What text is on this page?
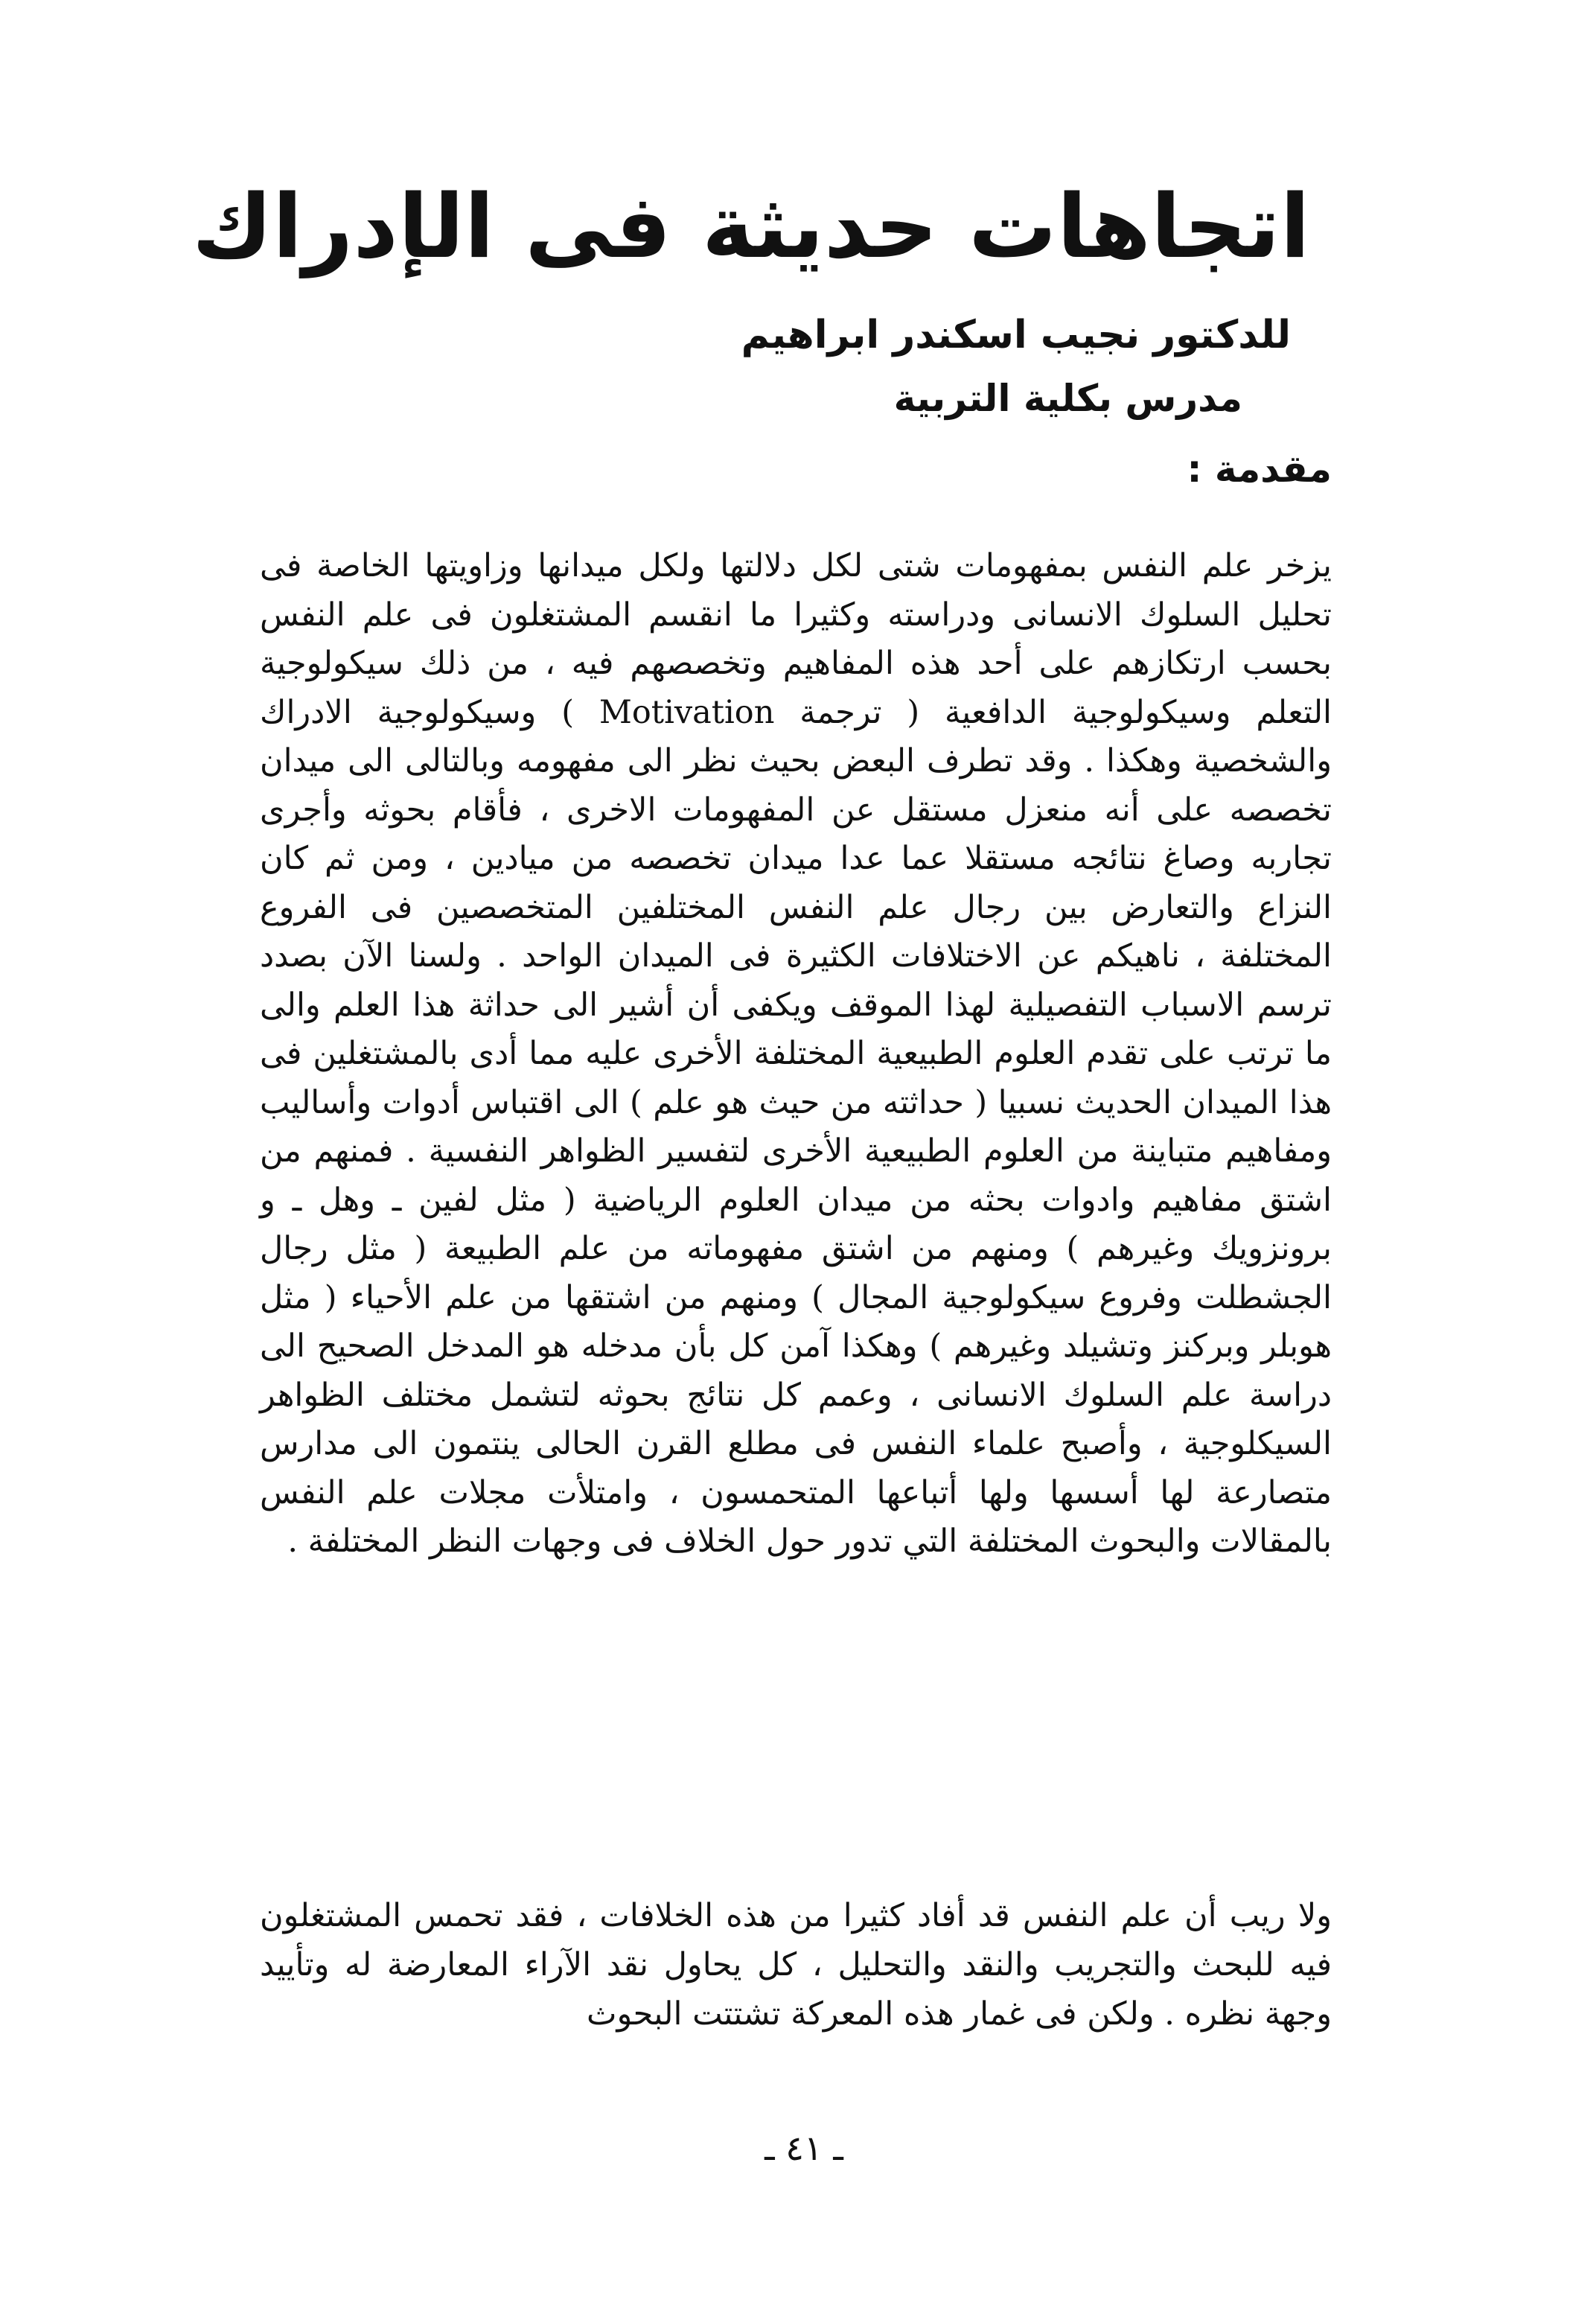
اتجاهات حديثة فى الإدراك
للدكتور نجيب اسكندر ابراهيم
مدرس بكلية التربية
مقدمة :

يزخر علم النفس بمفهومات شتى لكل دلالتها ولكل ميدانها وزاويتها الخاصة فى تحليل السلوك الانسانى ودراسته وكثيرا ما انقسم المشتغلون فى علم النفس بحسب ارتكازهم على أحد هذه المفاهيم وتخصصهم فيه ، من ذلك سيكولوجية التعلم وسيكولوجية الدافعية ( ترجمة Motivation ) وسيكولوجية الادراك والشخصية وهكذا . وقد تطرف البعض بحيث نظر الى مفهومه وبالتالى الى ميدان تخصصه على أنه منعزل مستقل عن المفهومات الاخرى ، فأقام بحوثه وأجرى تجاربه وصاغ نتائجه مستقلا عما عدا ميدان تخصصه من ميادين ، ومن ثم كان النزاع والتعارض بين رجال علم النفس المختلفين المتخصصين فى الفروع المختلفة ، ناهيكم عن الاختلافات الكثيرة فى الميدان الواحد . ولسنا الآن بصدد ترسم الاسباب التفصيلية لهذا الموقف ويكفى أن أشير الى حداثة هذا العلم والى ما ترتب على تقدم العلوم الطبيعية المختلفة الأخرى عليه مما أدى بالمشتغلين فى هذا الميدان الحديث نسبيا ( حداثته من حيث هو علم ) الى اقتباس أدوات وأساليب ومفاهيم متباينة من العلوم الطبيعية الأخرى لتفسير الظواهر النفسية . فمنهم من اشتق مفاهيم وادوات بحثه من ميدان العلوم الرياضية ( مثل لفين ـ وهل ـ و برونزويك وغيرهم ) ومنهم من اشتق مفهوماته من علم الطبيعة ( مثل رجال الجشطلت وفروع سيكولوجية المجال ) ومنهم من اشتقها من علم الأحياء ( مثل هوبلر وبركنز وتشيلد وغيرهم ) وهكذا آمن كل بأن مدخله هو المدخل الصحيح الى دراسة علم السلوك الانسانى ، وعمم كل نتائج بحوثه لتشمل مختلف الظواهر السيكلوجية ، وأصبح علماء النفس فى مطلع القرن الحالى ينتمون الى مدارس متصارعة لها أسسها ولها أتباعها المتحمسون ، وامتلأت مجلات علم النفس بالمقالات والبحوث المختلفة التي تدور حول الخلاف فى وجهات النظر المختلفة .

ولا ريب أن علم النفس قد أفاد كثيرا من هذه الخلافات ، فقد تحمس المشتغلون فيه للبحث والتجريب والنقد والتحليل ، كل يحاول نقد الآراء المعارضة له وتأييد وجهة نظره . ولكن فى غمار هذه المعركة تشتتت البحوث

ـ ٤١ ـ
